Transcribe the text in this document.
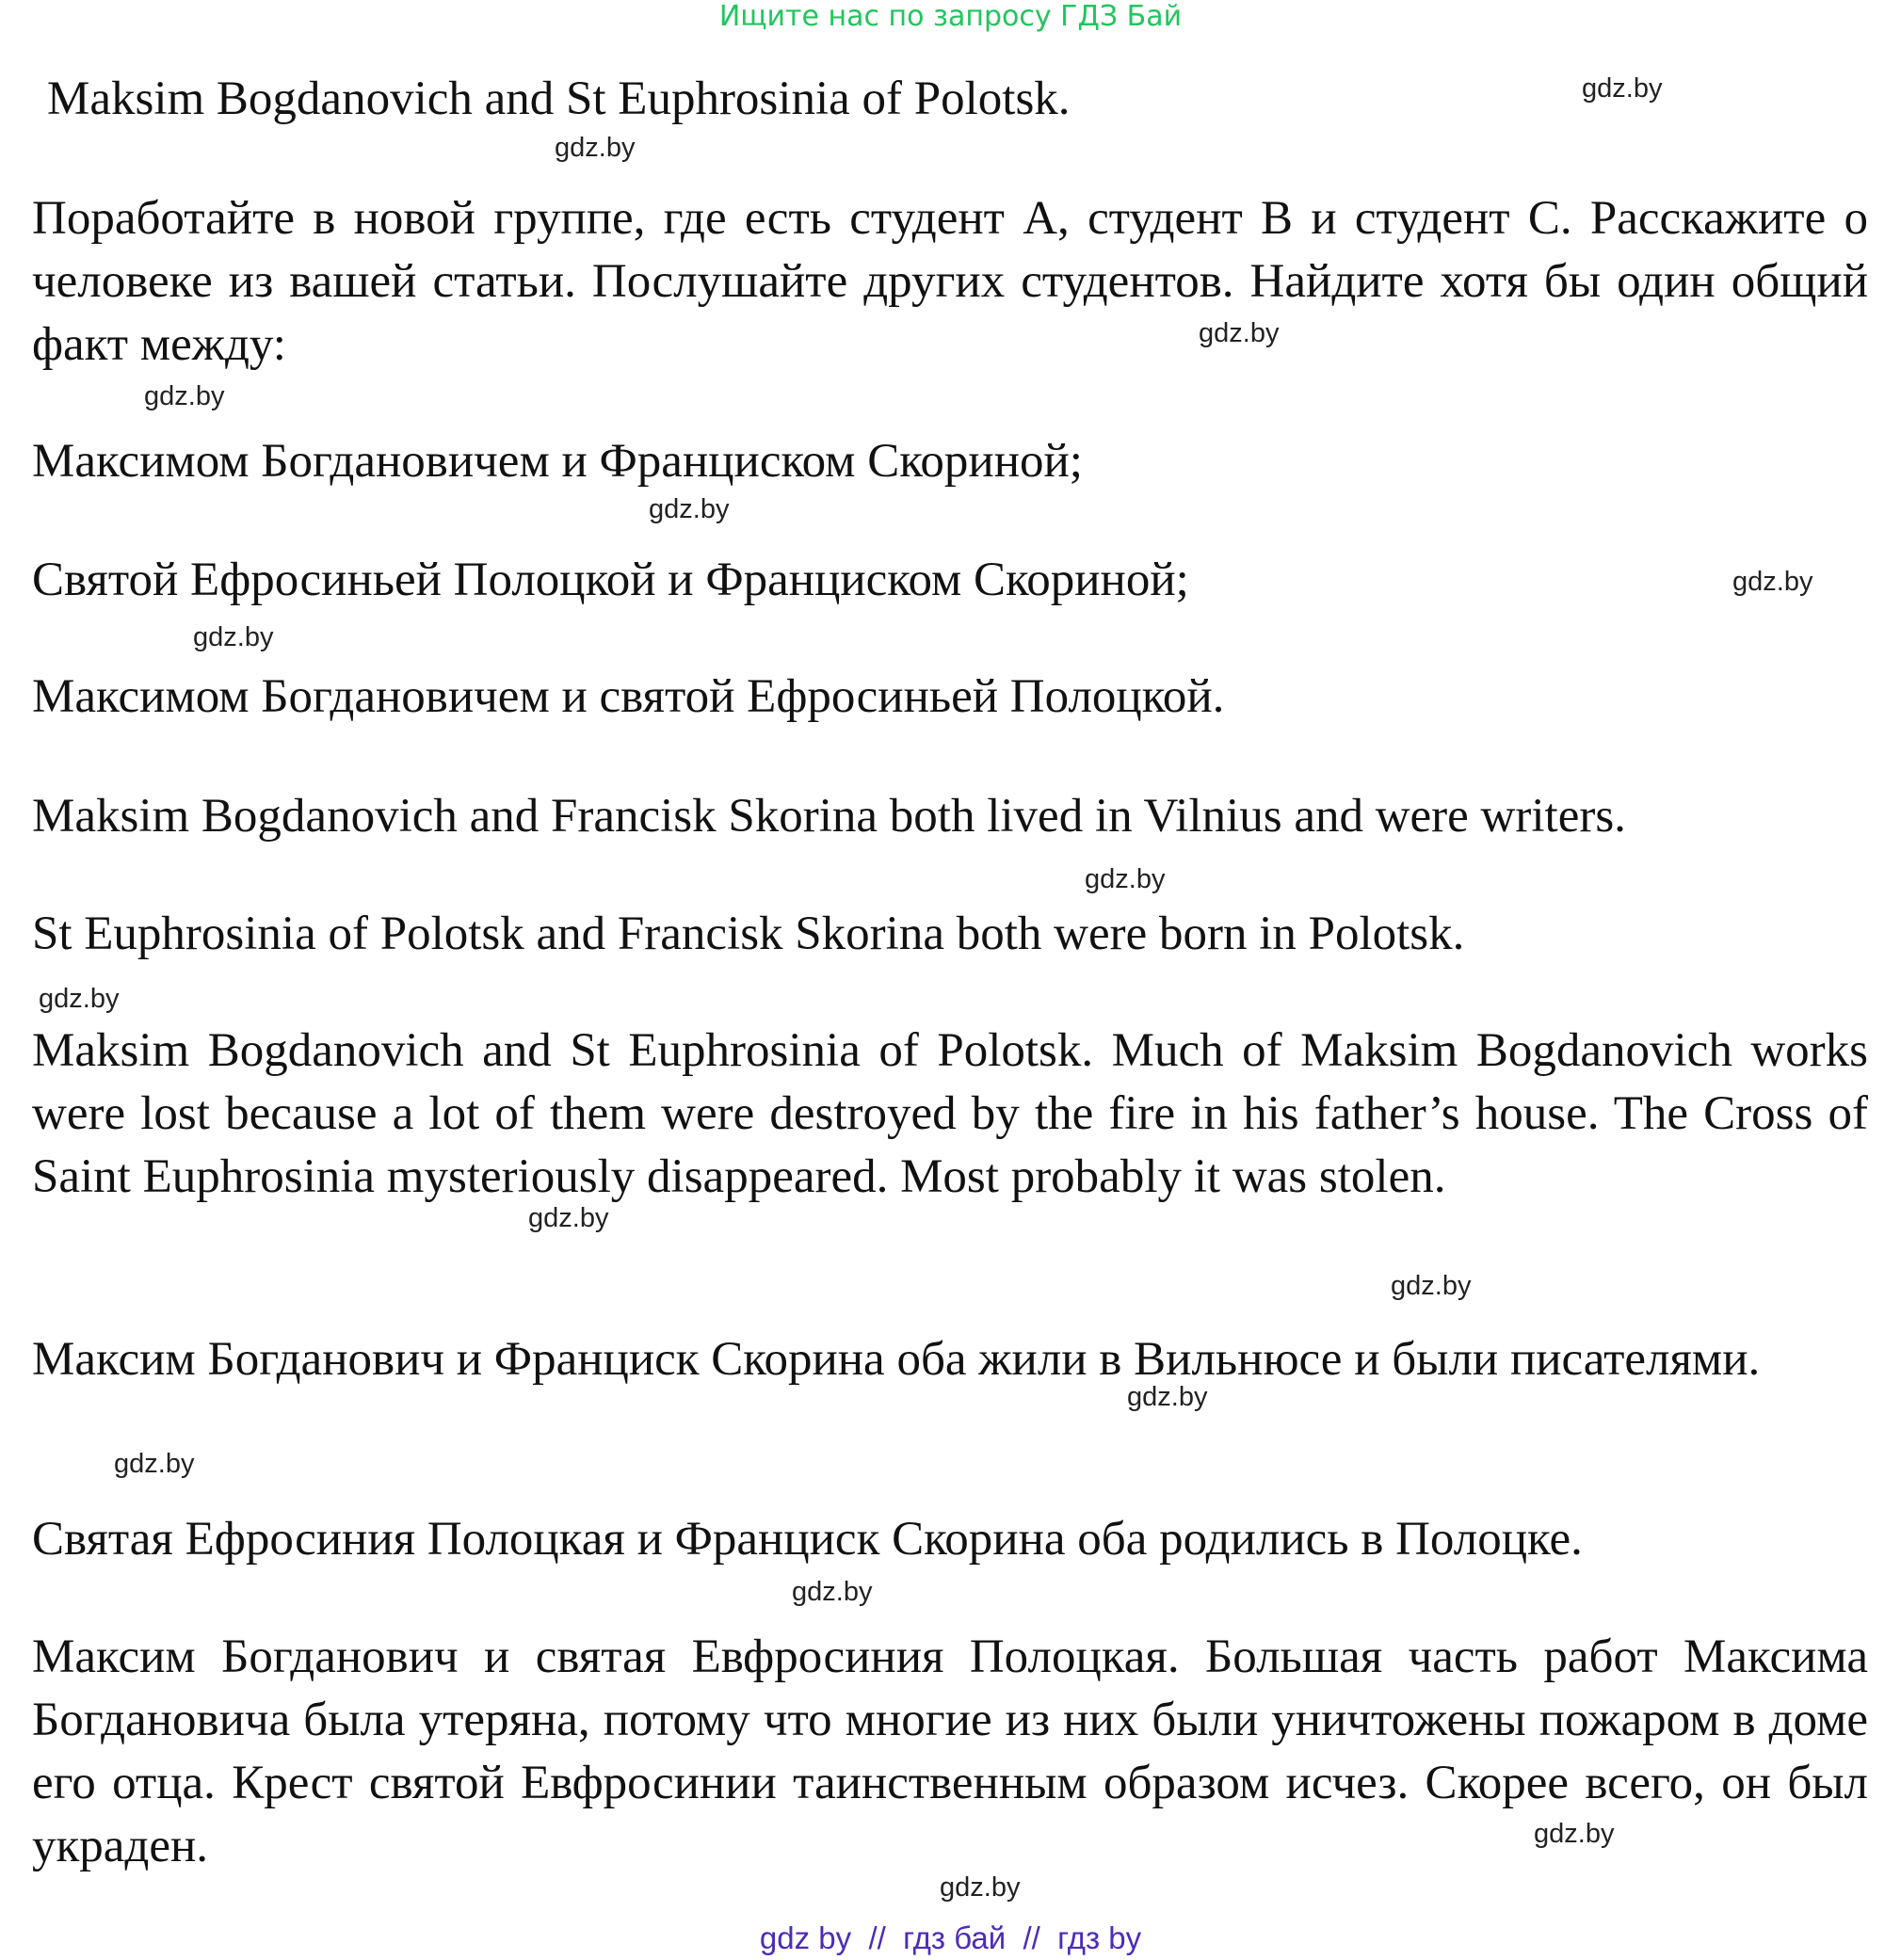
Ищите нас по запросу ГДЗ Бай

Maksim Bogdanovich and St Euphrosinia of Polotsk.

Поработайте в новой группе, где есть студент A, студент B и студент C. Расскажите о человеке из вашей статьи. Послушайте других студентов. Найдите хотя бы один общий факт между:

Максимом Богдановичем и Франциском Скориной;

Святой Ефросиньей Полоцкой и Франциском Скориной;

Максимом Богдановичем и святой Ефросиньей Полоцкой.

Maksim Bogdanovich and Francisk Skorina both lived in Vilnius and were writers.

St Euphrosinia of Polotsk and Francisk Skorina both were born in Polotsk.

Maksim Bogdanovich and St Euphrosinia of Polotsk. Much of Maksim Bogdanovich works were lost because a lot of them were destroyed by the fire in his father’s house. The Cross of Saint Euphrosinia mysteriously disappeared. Most probably it was stolen.

Максим Богданович и Франциск Скорина оба жили в Вильнюсе и были писателями.

Святая Ефросиния Полоцкая и Франциск Скорина оба родились в Полоцке.

Максим Богданович и святая Евфросиния Полоцкая. Большая часть работ Максима Богдановича была утеряна, потому что многие из них были уничтожены пожаром в доме его отца. Крест святой Евфросинии таинственным образом исчез. Скорее всего, он был украден.

gdz.by
gdz.by
gdz.by
gdz.by
gdz.by
gdz.by
gdz.by
gdz.by
gdz.by
gdz.by
gdz.by
gdz.by
gdz.by
gdz.by
gdz.by
gdz.by
gdz by  //  гдз бай  //  гдз by
